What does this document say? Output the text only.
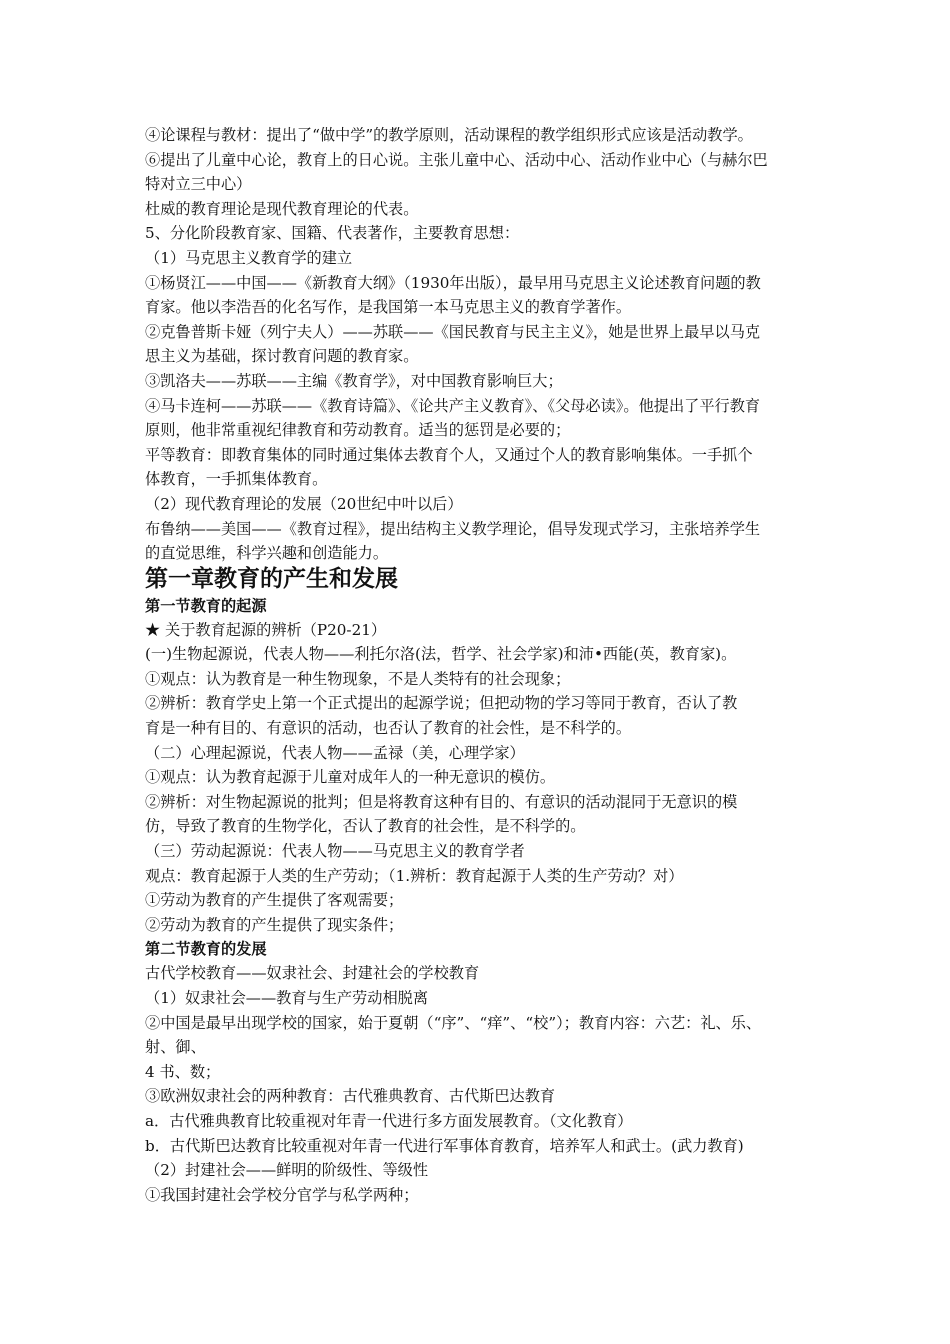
④论课程与教材：提出了“做中学”的教学原则，活动课程的教学组织形式应该是活动教学。
⑥提出了儿童中心论，教育上的日心说。主张儿童中心、活动中心、活动作业中心（与赫尔巴
特对立三中心）
杜威的教育理论是现代教育理论的代表。
5、分化阶段教育家、国籍、代表著作，主要教育思想：
（1）马克思主义教育学的建立
①杨贤江——中国——《新教育大纲》（1930年出版），最早用马克思主义论述教育问题的教
育家。他以李浩吾的化名写作，是我国第一本马克思主义的教育学著作。
②克鲁普斯卡娅（列宁夫人）——苏联——《国民教育与民主主义》，她是世界上最早以马克
思主义为基础，探讨教育问题的教育家。
③凯洛夫——苏联——主编《教育学》，对中国教育影响巨大；
④马卡连柯——苏联——《教育诗篇》、《论共产主义教育》、《父母必读》。他提出了平行教育
原则，他非常重视纪律教育和劳动教育。适当的惩罚是必要的；
平等教育：即教育集体的同时通过集体去教育个人，又通过个人的教育影响集体。一手抓个
体教育，一手抓集体教育。
（2）现代教育理论的发展（20世纪中叶以后）
布鲁纳——美国——《教育过程》，提出结构主义教学理论，倡导发现式学习，主张培养学生
的直觉思维，科学兴趣和创造能力。
第一章教育的产生和发展
第一节教育的起源
★ 关于教育起源的辨析（P20-21）
(一)生物起源说，代表人物——利托尔洛(法，哲学、社会学家)和沛•西能(英，教育家)。
①观点：认为教育是一种生物现象，不是人类特有的社会现象；
②辨析：教育学史上第一个正式提出的起源学说；但把动物的学习等同于教育，否认了教
育是一种有目的、有意识的活动，也否认了教育的社会性，是不科学的。
（二）心理起源说，代表人物——孟禄（美，心理学家）
①观点：认为教育起源于儿童对成年人的一种无意识的模仿。
②辨析：对生物起源说的批判；但是将教育这种有目的、有意识的活动混同于无意识的模
仿，导致了教育的生物学化，否认了教育的社会性，是不科学的。
（三）劳动起源说：代表人物——马克思主义的教育学者
观点：教育起源于人类的生产劳动；（1.辨析：教育起源于人类的生产劳动？对）
①劳动为教育的产生提供了客观需要；
②劳动为教育的产生提供了现实条件；
第二节教育的发展
古代学校教育——奴隶社会、封建社会的学校教育
（1）奴隶社会——教育与生产劳动相脱离
②中国是最早出现学校的国家，始于夏朝（“序”、“痒”、“校”）；教育内容：六艺：礼、乐、
射、御、
4 书、数；
③欧洲奴隶社会的两种教育：古代雅典教育、古代斯巴达教育
a．古代雅典教育比较重视对年青一代进行多方面发展教育。（文化教育）
b．古代斯巴达教育比较重视对年青一代进行军事体育教育，培养军人和武士。(武力教育)
（2）封建社会——鲜明的阶级性、等级性
①我国封建社会学校分官学与私学两种；
